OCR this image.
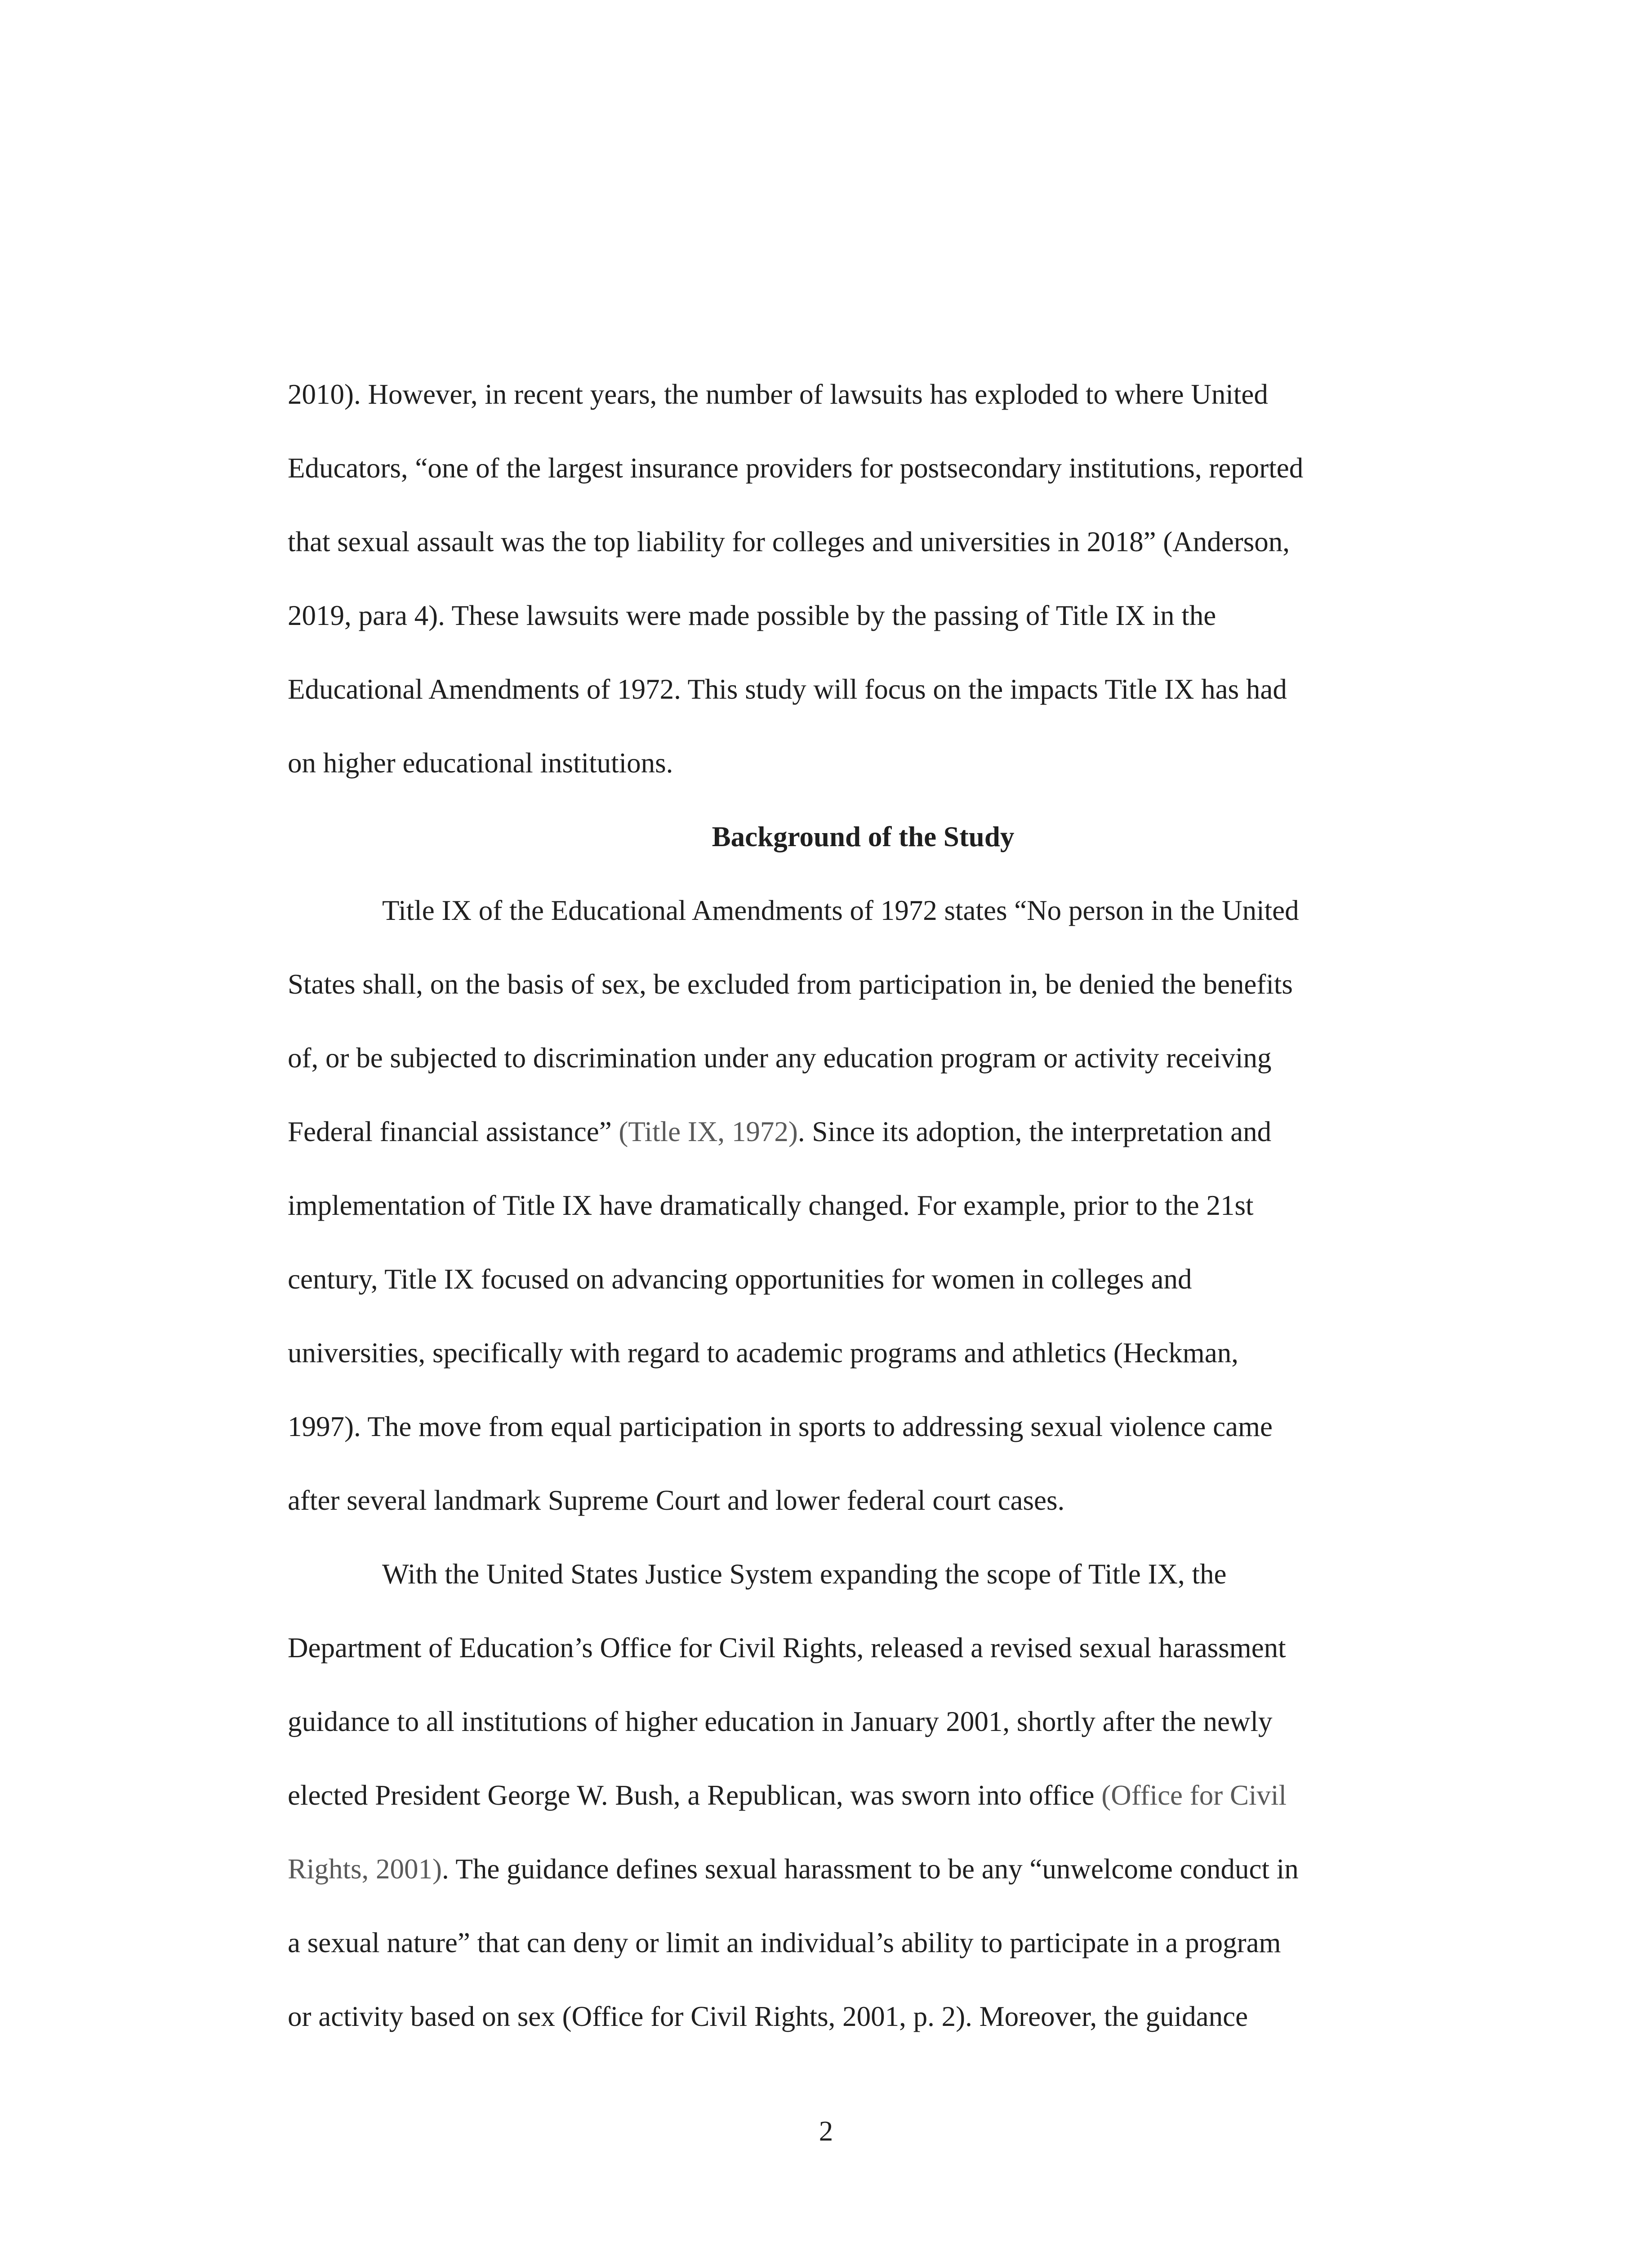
2010). However, in recent years, the number of lawsuits has exploded to where United
Educators, “one of the largest insurance providers for postsecondary institutions, reported
that sexual assault was the top liability for colleges and universities in 2018” (Anderson,
2019, para 4). These lawsuits were made possible by the passing of Title IX in the
Educational Amendments of 1972. This study will focus on the impacts Title IX has had
on higher educational institutions.
Background of the Study
Title IX of the Educational Amendments of 1972 states “No person in the United
States shall, on the basis of sex, be excluded from participation in, be denied the benefits
of, or be subjected to discrimination under any education program or activity receiving
Federal financial assistance” (Title IX, 1972). Since its adoption, the interpretation and
implementation of Title IX have dramatically changed. For example, prior to the 21st
century, Title IX focused on advancing opportunities for women in colleges and
universities, specifically with regard to academic programs and athletics (Heckman,
1997). The move from equal participation in sports to addressing sexual violence came
after several landmark Supreme Court and lower federal court cases.
With the United States Justice System expanding the scope of Title IX, the
Department of Education’s Office for Civil Rights, released a revised sexual harassment
guidance to all institutions of higher education in January 2001, shortly after the newly
elected President George W. Bush, a Republican, was sworn into office (Office for Civil
Rights, 2001). The guidance defines sexual harassment to be any “unwelcome conduct in
a sexual nature” that can deny or limit an individual’s ability to participate in a program
or activity based on sex (Office for Civil Rights, 2001, p. 2). Moreover, the guidance
2
